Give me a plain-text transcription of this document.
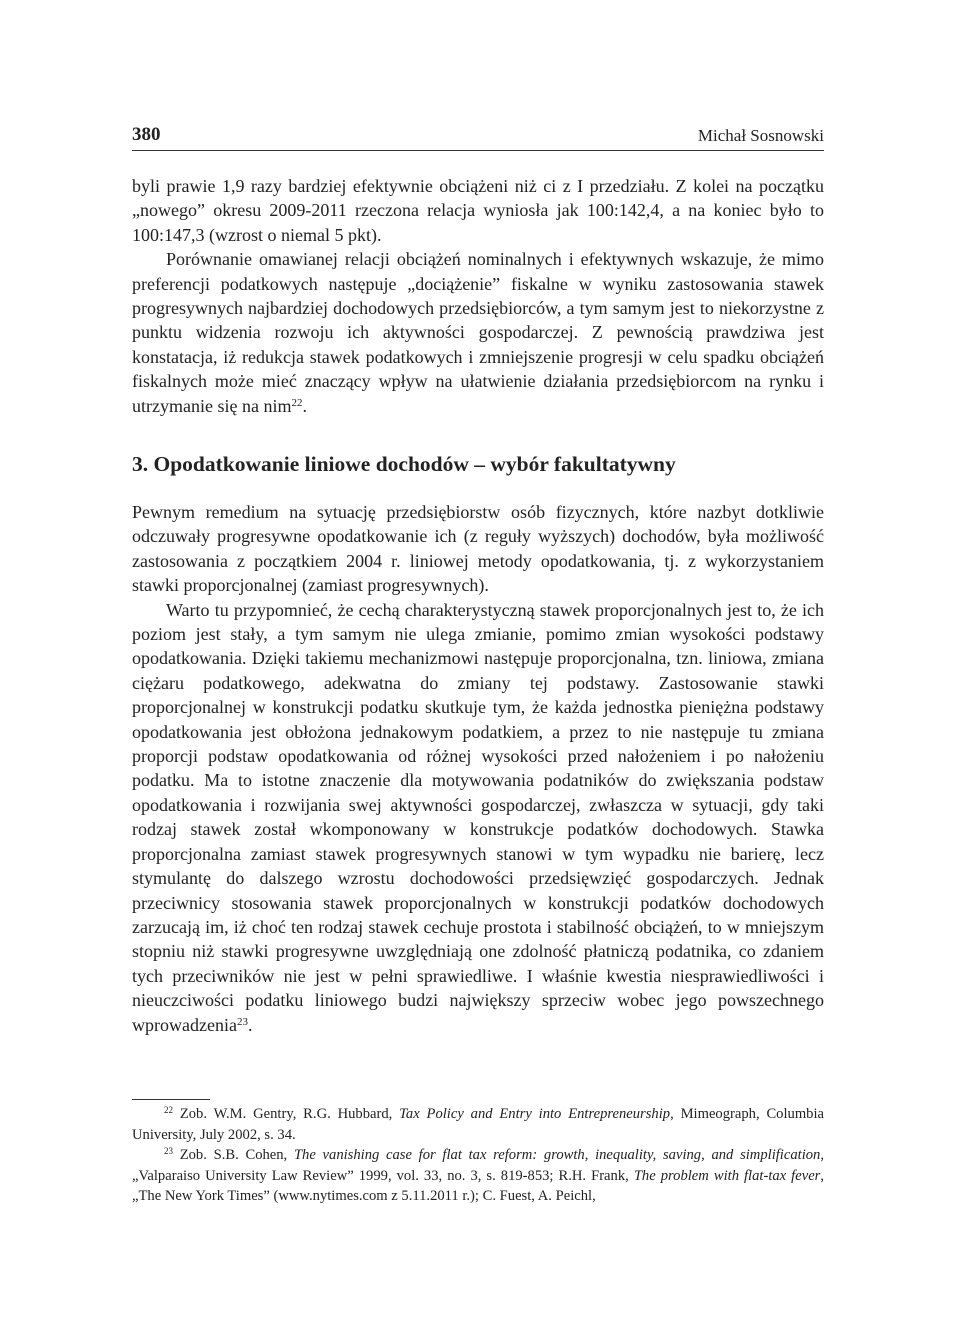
380	Michał Sosnowski

byli prawie 1,9 razy bardziej efektywnie obciążeni niż ci z I przedziału. Z kolei na początku „nowego” okresu 2009-2011 rzeczona relacja wyniosła jak 100:142,4, a na koniec było to 100:147,3 (wzrost o niemal 5 pkt).

Porównanie omawianej relacji obciążeń nominalnych i efektywnych wskazuje, że mimo preferencji podatkowych następuje „dociążenie” fiskalne w wyniku zastosowania stawek progresywnych najbardziej dochodowych przedsiębiorców, a tym samym jest to niekorzystne z punktu widzenia rozwoju ich aktywności gospodarczej. Z pewnością prawdziwa jest konstatacja, iż redukcja stawek podatkowych i zmniejszenie progresji w celu spadku obciążeń fiskalnych może mieć znaczący wpływ na ułatwienie działania przedsiębiorcom na rynku i utrzymanie się na nim$^{22}$.

3. Opodatkowanie liniowe dochodów – wybór fakultatywny

Pewnym remedium na sytuację przedsiębiorstw osób fizycznych, które nazbyt dotkliwie odczuwały progresywne opodatkowanie ich (z reguły wyższych) dochodów, była możliwość zastosowania z początkiem 2004 r. liniowej metody opodatkowania, tj. z wykorzystaniem stawki proporcjonalnej (zamiast progresywnych).

Warto tu przypomnieć, że cechą charakterystyczną stawek proporcjonalnych jest to, że ich poziom jest stały, a tym samym nie ulega zmianie, pomimo zmian wysokości podstawy opodatkowania. Dzięki takiemu mechanizmowi następuje proporcjonalna, tzn. liniowa, zmiana ciężaru podatkowego, adekwatna do zmiany tej podstawy. Zastosowanie stawki proporcjonalnej w konstrukcji podatku skutkuje tym, że każda jednostka pieniężna podstawy opodatkowania jest obłożona jednakowym podatkiem, a przez to nie następuje tu zmiana proporcji podstaw opodatkowania od różnej wysokości przed nałożeniem i po nałożeniu podatku. Ma to istotne znaczenie dla motywowania podatników do zwiększania podstaw opodatkowania i rozwijania swej aktywności gospodarczej, zwłaszcza w sytuacji, gdy taki rodzaj stawek został wkomponowany w konstrukcje podatków dochodowych. Stawka proporcjonalna zamiast stawek progresywnych stanowi w tym wypadku nie barierę, lecz stymulantę do dalszego wzrostu dochodowości przedsięwzięć gospodarczych. Jednak przeciwnicy stosowania stawek proporcjonalnych w konstrukcji podatków dochodowych zarzucają im, iż choć ten rodzaj stawek cechuje prostota i stabilność obciążeń, to w mniejszym stopniu niż stawki progresywne uwzględniają one zdolność płatniczą podatnika, co zdaniem tych przeciwników nie jest w pełni sprawiedliwe. I właśnie kwestia niesprawiedliwości i nieuczciwości podatku liniowego budzi największy sprzeciw wobec jego powszechnego wprowadzenia$^{23}$.

$^{22}$ Zob. W.M. Gentry, R.G. Hubbard, Tax Policy and Entry into Entrepreneurship, Mimeograph, Columbia University, July 2002, s. 34.

$^{23}$ Zob. S.B. Cohen, The vanishing case for flat tax reform: growth, inequality, saving, and simplification, „Valparaiso University Law Review” 1999, vol. 33, no. 3, s. 819-853; R.H. Frank, The problem with flat-tax fever, „The New York Times” (www.nytimes.com z 5.11.2011 r.); C. Fuest, A. Peichl,
